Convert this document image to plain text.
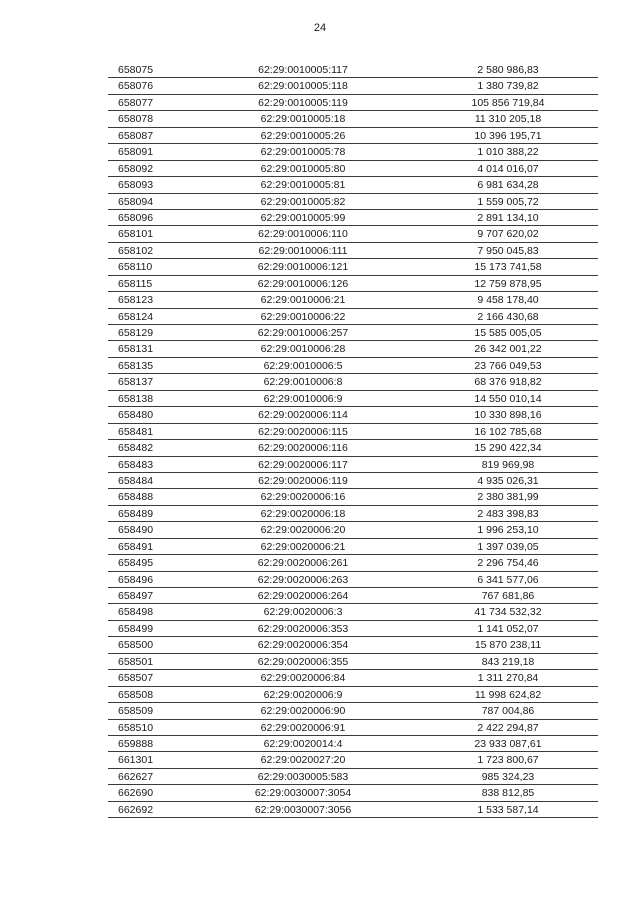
24
658075	62:29:0010005:117	2 580 986,83
658076	62:29:0010005:118	1 380 739,82
658077	62:29:0010005:119	105 856 719,84
658078	62:29:0010005:18	11 310 205,18
658087	62:29:0010005:26	10 396 195,71
658091	62:29:0010005:78	1 010 388,22
658092	62:29:0010005:80	4 014 016,07
658093	62:29:0010005:81	6 981 634,28
658094	62:29:0010005:82	1 559 005,72
658096	62:29:0010005:99	2 891 134,10
658101	62:29:0010006:110	9 707 620,02
658102	62:29:0010006:111	7 950 045,83
658110	62:29:0010006:121	15 173 741,58
658115	62:29:0010006:126	12 759 878,95
658123	62:29:0010006:21	9 458 178,40
658124	62:29:0010006:22	2 166 430,68
658129	62:29:0010006:257	15 585 005,05
658131	62:29:0010006:28	26 342 001,22
658135	62:29:0010006:5	23 766 049,53
658137	62:29:0010006:8	68 376 918,82
658138	62:29:0010006:9	14 550 010,14
658480	62:29:0020006:114	10 330 898,16
658481	62:29:0020006:115	16 102 785,68
658482	62:29:0020006:116	15 290 422,34
658483	62:29:0020006:117	819 969,98
658484	62:29:0020006:119	4 935 026,31
658488	62:29:0020006:16	2 380 381,99
658489	62:29:0020006:18	2 483 398,83
658490	62:29:0020006:20	1 996 253,10
658491	62:29:0020006:21	1 397 039,05
658495	62:29:0020006:261	2 296 754,46
658496	62:29:0020006:263	6 341 577,06
658497	62:29:0020006:264	767 681,86
658498	62:29:0020006:3	41 734 532,32
658499	62:29:0020006:353	1 141 052,07
658500	62:29:0020006:354	15 870 238,11
658501	62:29:0020006:355	843 219,18
658507	62:29:0020006:84	1 311 270,84
658508	62:29:0020006:9	11 998 624,82
658509	62:29:0020006:90	787 004,86
658510	62:29:0020006:91	2 422 294,87
659888	62:29:0020014:4	23 933 087,61
661301	62:29:0020027:20	1 723 800,67
662627	62:29:0030005:583	985 324,23
662690	62:29:0030007:3054	838 812,85
662692	62:29:0030007:3056	1 533 587,14
